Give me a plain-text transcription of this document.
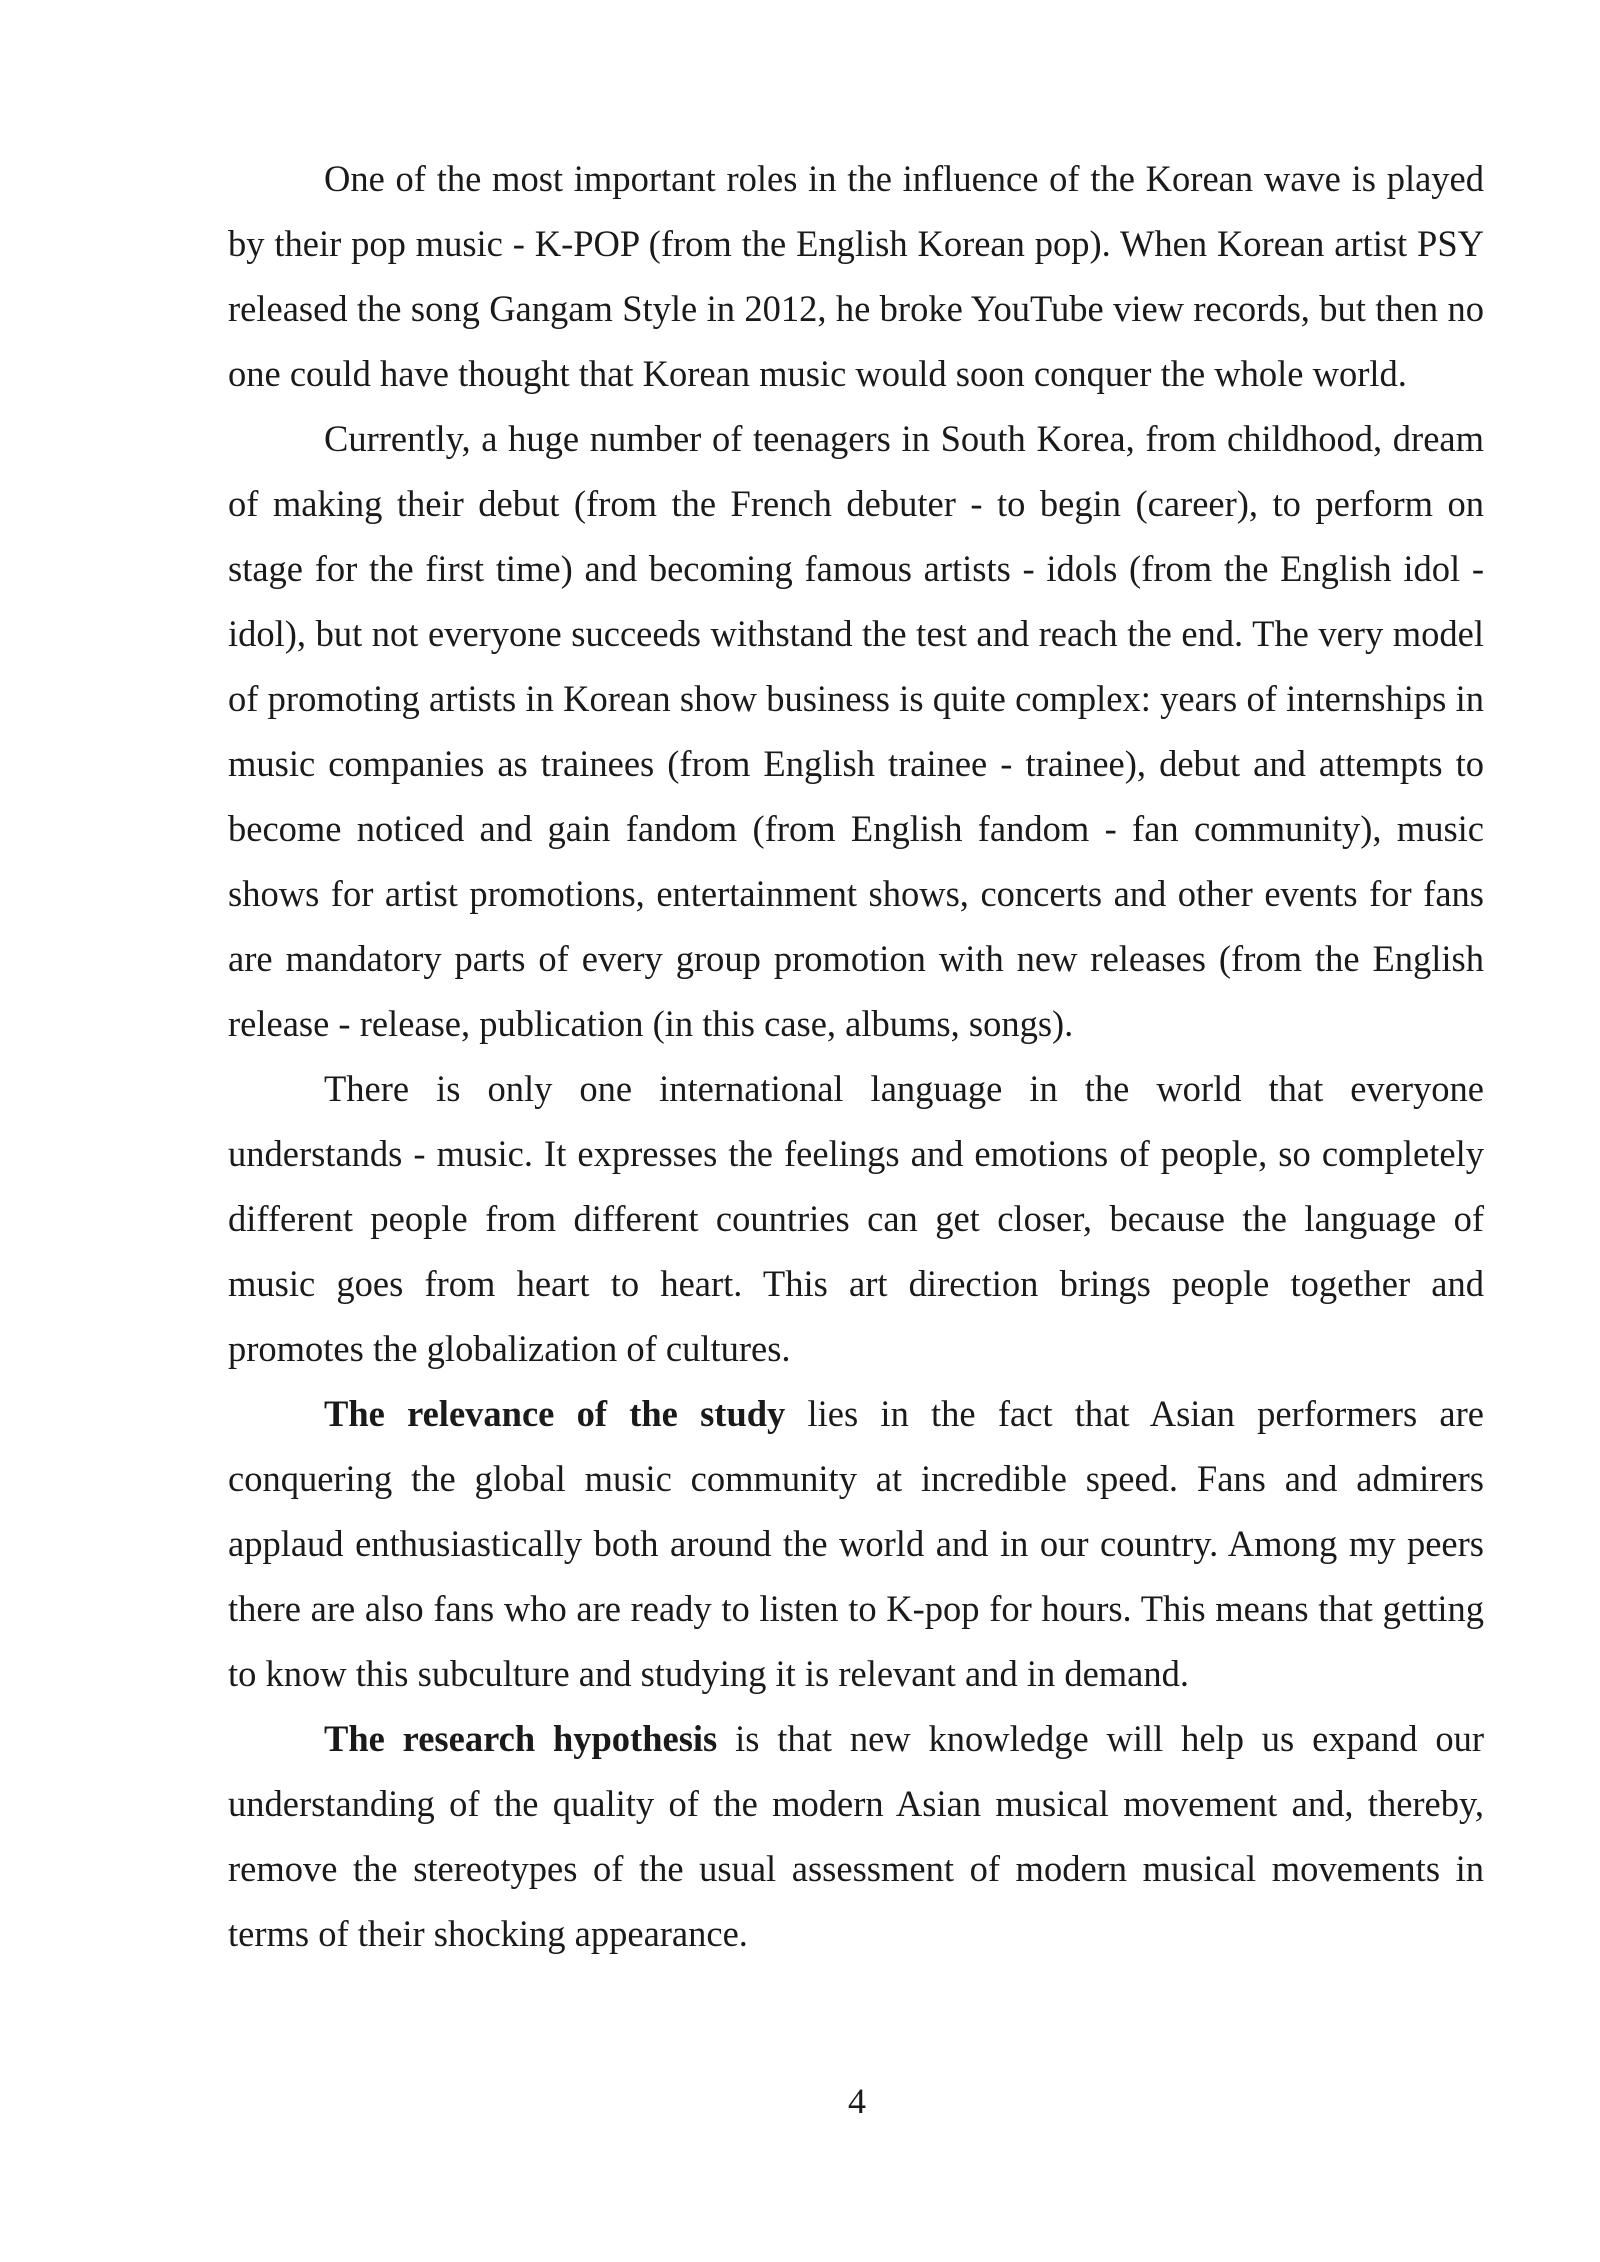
One of the most important roles in the influence of the Korean wave is played by their pop music - K-POP (from the English Korean pop). When Korean artist PSY released the song Gangam Style in 2012, he broke YouTube view records, but then no one could have thought that Korean music would soon conquer the whole world.

Currently, a huge number of teenagers in South Korea, from childhood, dream of making their debut (from the French debuter - to begin (career), to perform on stage for the first time) and becoming famous artists - idols (from the English idol - idol), but not everyone succeeds withstand the test and reach the end. The very model of promoting artists in Korean show business is quite complex: years of internships in music companies as trainees (from English trainee - trainee), debut and attempts to become noticed and gain fandom (from English fandom - fan community), music shows for artist promotions, entertainment shows, concerts and other events for fans are mandatory parts of every group promotion with new releases (from the English release - release, publication (in this case, albums, songs).

There is only one international language in the world that everyone understands - music. It expresses the feelings and emotions of people, so completely different people from different countries can get closer, because the language of music goes from heart to heart. This art direction brings people together and promotes the globalization of cultures.

The relevance of the study lies in the fact that Asian performers are conquering the global music community at incredible speed. Fans and admirers applaud enthusiastically both around the world and in our country. Among my peers there are also fans who are ready to listen to K-pop for hours. This means that getting to know this subculture and studying it is relevant and in demand.

The research hypothesis is that new knowledge will help us expand our understanding of the quality of the modern Asian musical movement and, thereby, remove the stereotypes of the usual assessment of modern musical movements in terms of their shocking appearance.

4
